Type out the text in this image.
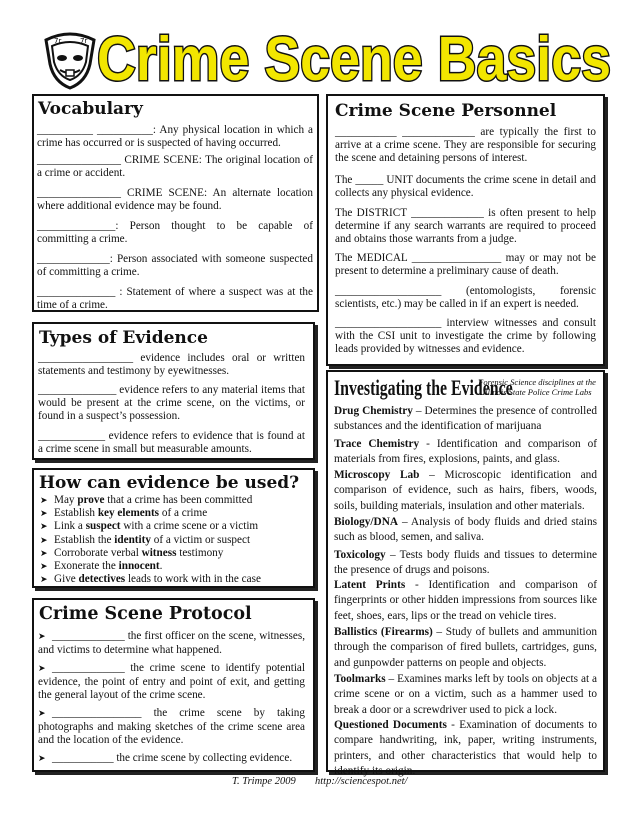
7r	7r Crime Scene Basics
Vocabulary

__________ __________: Any physical location in which a crime has occurred or is suspected of having occurred.

_______________ CRIME SCENE: The original location of a crime or accident.

_______________ CRIME SCENE: An alternate location where additional evidence may be found.

______________: Person thought to be capable of committing a crime.

_____________: Person associated with someone suspected of committing a crime.

______________ : Statement of where a suspect was at the time of a crime.

Types of Evidence

_________________ evidence includes oral or written statements and testimony by eyewitnesses.

______________ evidence refers to any material items that would be present at the crime scene, on the victims, or found in a suspect’s possession.

____________ evidence refers to evidence that is found at a crime scene in small but measurable amounts.

How can evidence be used?
➤ May prove that a crime has been committed
➤ Establish key elements of a crime
➤ Link a suspect with a crime scene or a victim
➤ Establish the identity of a victim or suspect
➤ Corroborate verbal witness testimony
➤ Exonerate the innocent.
➤ Give detectives leads to work with in the case
Crime Scene Protocol

➤ _____________ the first officer on the scene, witnesses, and victims to determine what happened.

➤ _____________ the crime scene to identify potential evidence, the point of entry and point of exit, and getting the general layout of the crime scene.

➤ ________________ the crime scene by taking photographs and making sketches of the crime scene area and the location of the evidence.

➤ ___________ the crime scene by collecting evidence.

Crime Scene Personnel

___________ _____________ are typically the first to arrive at a crime scene. They are responsible for securing the scene and detaining persons of interest.

The _____ UNIT documents the crime scene in detail and collects any physical evidence.

The DISTRICT _____________ is often present to help determine if any search warrants are required to proceed and obtains those warrants from a judge.

The MEDICAL ________________ may or may not be present to determine a preliminary cause of death.

___________________ (entomologists, forensic scientists, etc.) may be called in if an expert is needed.

___________________ interview witnesses and consult with the CSI unit to investigate the crime by following leads provided by witnesses and evidence.

Investigating the Evidence
Forensic Science disciplines at the Illinois State Police Crime Labs

Drug Chemistry – Determines the presence of controlled substances and the identification of marijuana

Trace Chemistry - Identification and comparison of materials from fires, explosions, paints, and glass.

Microscopy Lab – Microscopic identification and comparison of evidence, such as hairs, fibers, woods, soils, building materials, insulation and other materials.

Biology/DNA – Analysis of body fluids and dried stains such as blood, semen, and saliva.

Toxicology – Tests body fluids and tissues to determine the presence of drugs and poisons.

Latent Prints - Identification and comparison of fingerprints or other hidden impressions from sources like feet, shoes, ears, lips or the tread on vehicle tires.

Ballistics (Firearms) – Study of bullets and ammunition through the comparison of fired bullets, cartridges, guns, and gunpowder patterns on people and objects.

Toolmarks – Examines marks left by tools on objects at a crime scene or on a victim, such as a hammer used to break a door or a screwdriver used to pick a lock.

Questioned Documents - Examination of documents to compare handwriting, ink, paper, writing instruments, printers, and other characteristics that would help to identify its origin.

T. Trimpe 2009 http://sciencespot.net/
